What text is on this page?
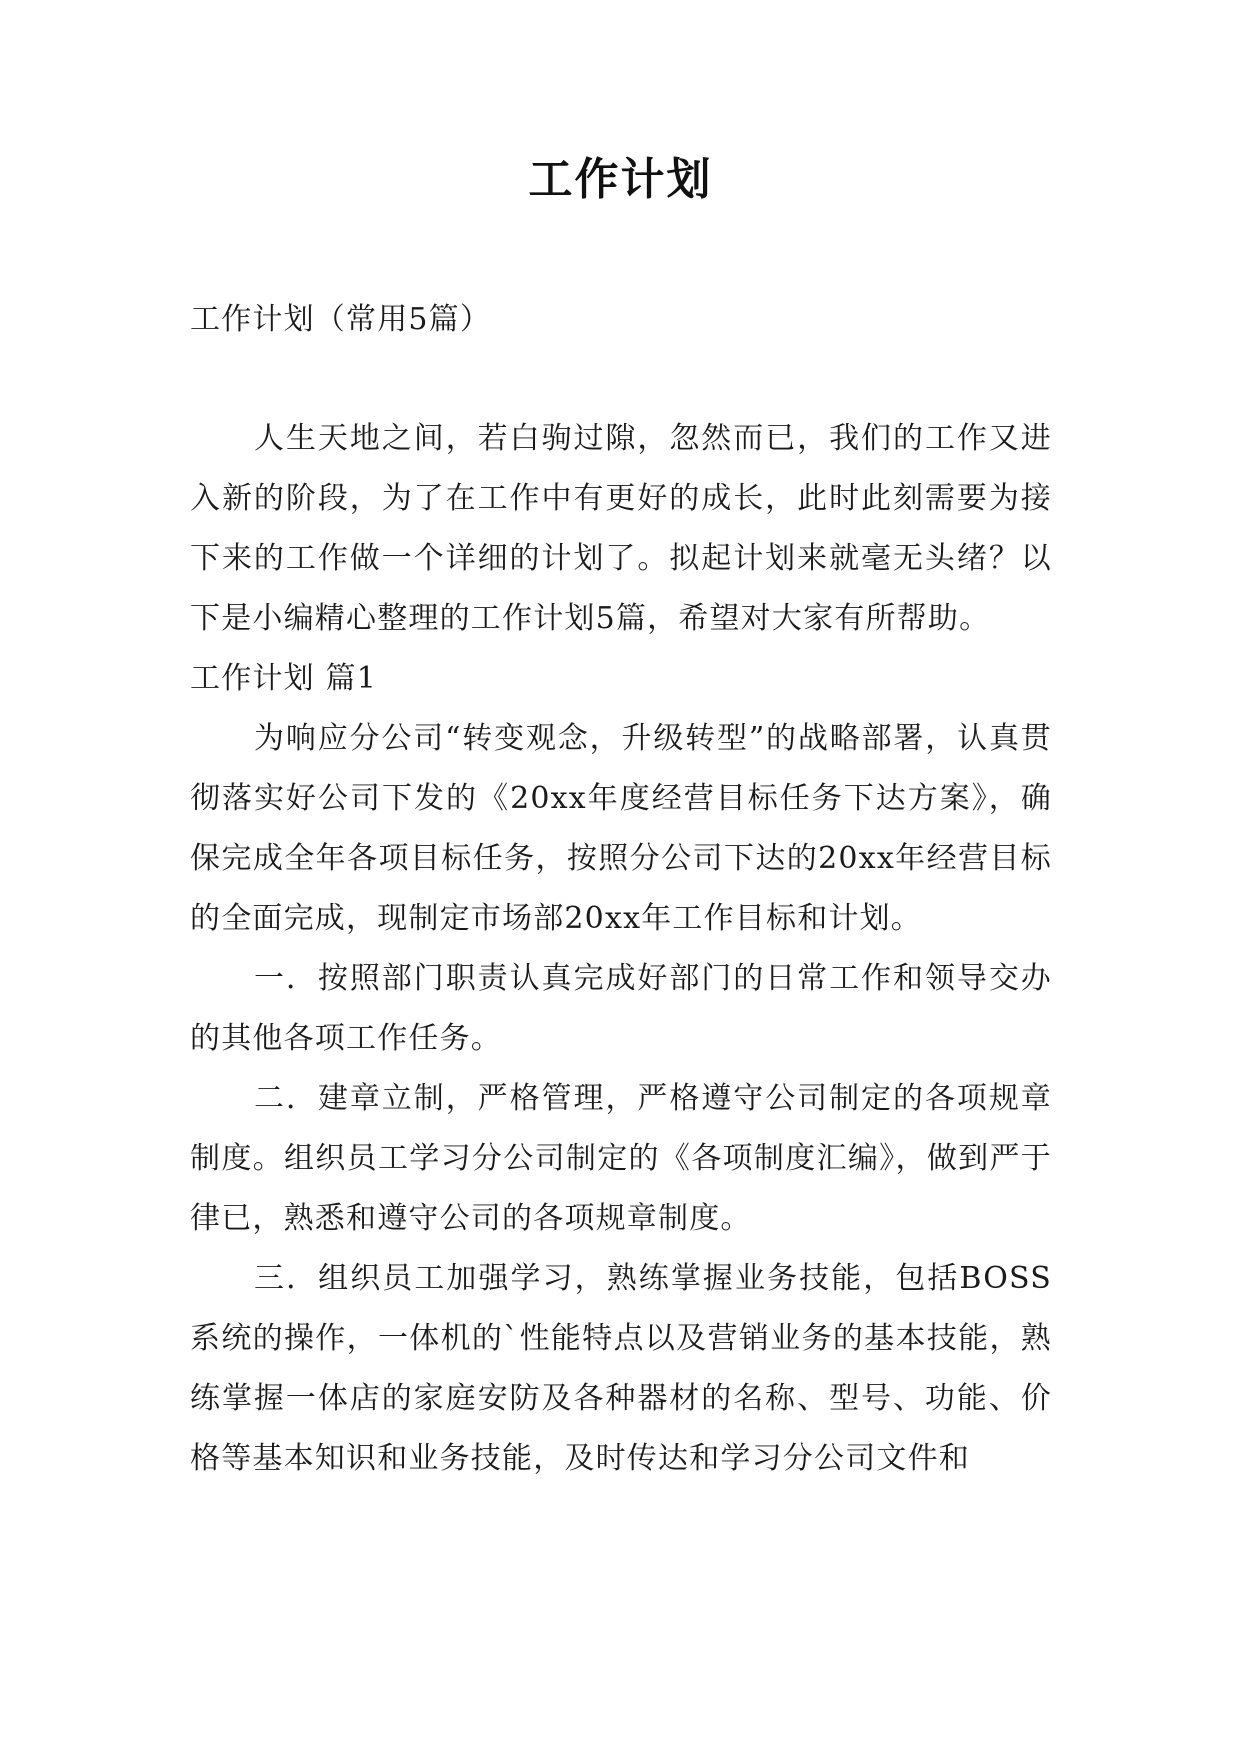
工作计划

工作计划（常用5篇）

人生天地之间，若白驹过隙，忽然而已，我们的工作又进入新的阶段，为了在工作中有更好的成长，此时此刻需要为接下来的工作做一个详细的计划了。拟起计划来就毫无头绪？以下是小编精心整理的工作计划5篇，希望对大家有所帮助。

工作计划 篇1

为响应分公司“转变观念，升级转型”的战略部署，认真贯彻落实好公司下发的《20xx年度经营目标任务下达方案》，确保完成全年各项目标任务，按照分公司下达的20xx年经营目标的全面完成，现制定市场部20xx年工作目标和计划。

一．按照部门职责认真完成好部门的日常工作和领导交办的其他各项工作任务。

二．建章立制，严格管理，严格遵守公司制定的各项规章制度。组织员工学习分公司制定的《各项制度汇编》，做到严于律已，熟悉和遵守公司的各项规章制度。

三．组织员工加强学习，熟练掌握业务技能，包括BOSS系统的操作，一体机的`性能特点以及营销业务的基本技能，熟练掌握一体店的家庭安防及各种器材的名称、型号、功能、价格等基本知识和业务技能，及时传达和学习分公司文件和
